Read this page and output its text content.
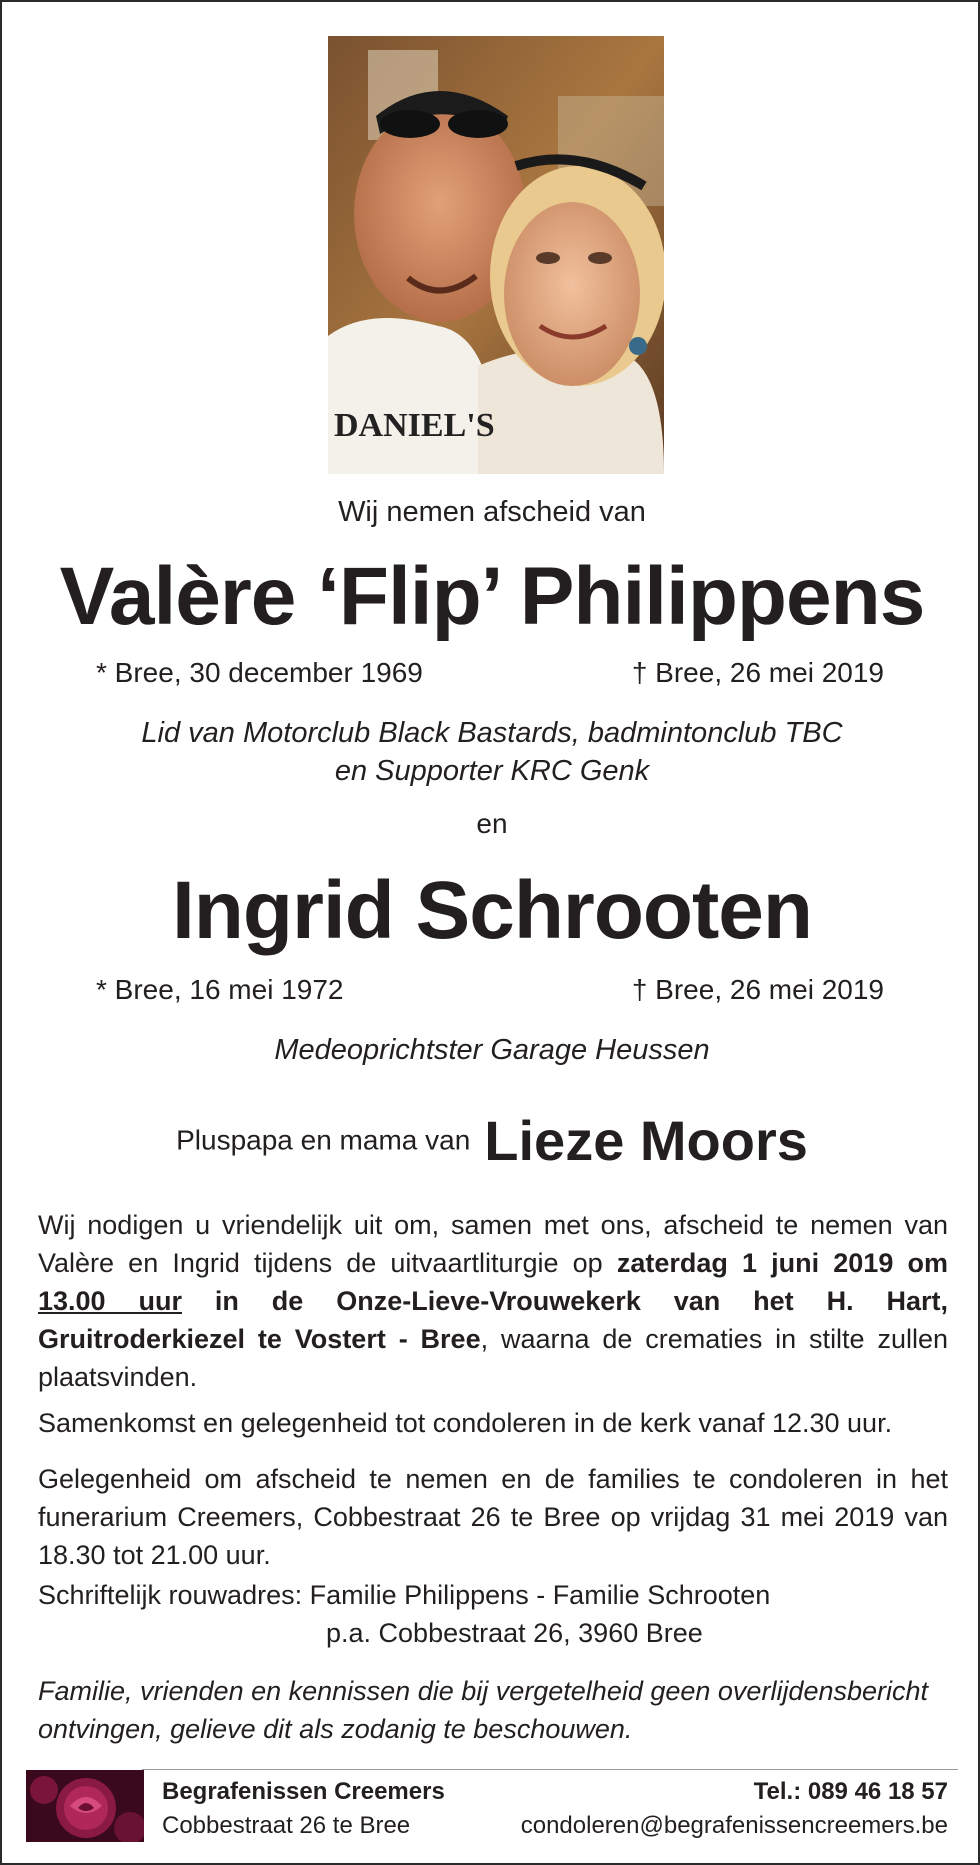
DANIEL'S
Wij nemen afscheid van
Valère ‘Flip’ Philippens
* Bree, 30 december 1969	† Bree, 26 mei 2019
Lid van Motorclub Black Bastards, badmintonclub TBC
en Supporter KRC Genk
en
Ingrid Schrooten
* Bree, 16 mei 1972	† Bree, 26 mei 2019
Medeoprichtster Garage Heussen
Pluspapa en mama van Lieze Moors
Wij nodigen u vriendelijk uit om, samen met ons, afscheid te nemen van Valère en Ingrid tijdens de uitvaartliturgie op zaterdag 1 juni 2019 om 13.00 uur in de Onze-Lieve-Vrouwekerk van het H. Hart, Gruitroderkiezel te Vostert - Bree, waarna de crematies in stilte zullen plaatsvinden.
Samenkomst en gelegenheid tot condoleren in de kerk vanaf 12.30 uur.
Gelegenheid om afscheid te nemen en de families te condoleren in het funerarium Creemers, Cobbestraat 26 te Bree op vrijdag 31 mei 2019 van 18.30 tot 21.00 uur.
Schriftelijk rouwadres: Familie Philippens - Familie Schrooten
p.a. Cobbestraat 26, 3960 Bree
Familie, vrienden en kennissen die bij vergetelheid geen overlijdensbericht ontvingen, gelieve dit als zodanig te beschouwen.
Begrafenissen Creemers
Cobbestraat 26 te Bree
Tel.: 089 46 18 57
condoleren@begrafenissencreemers.be
